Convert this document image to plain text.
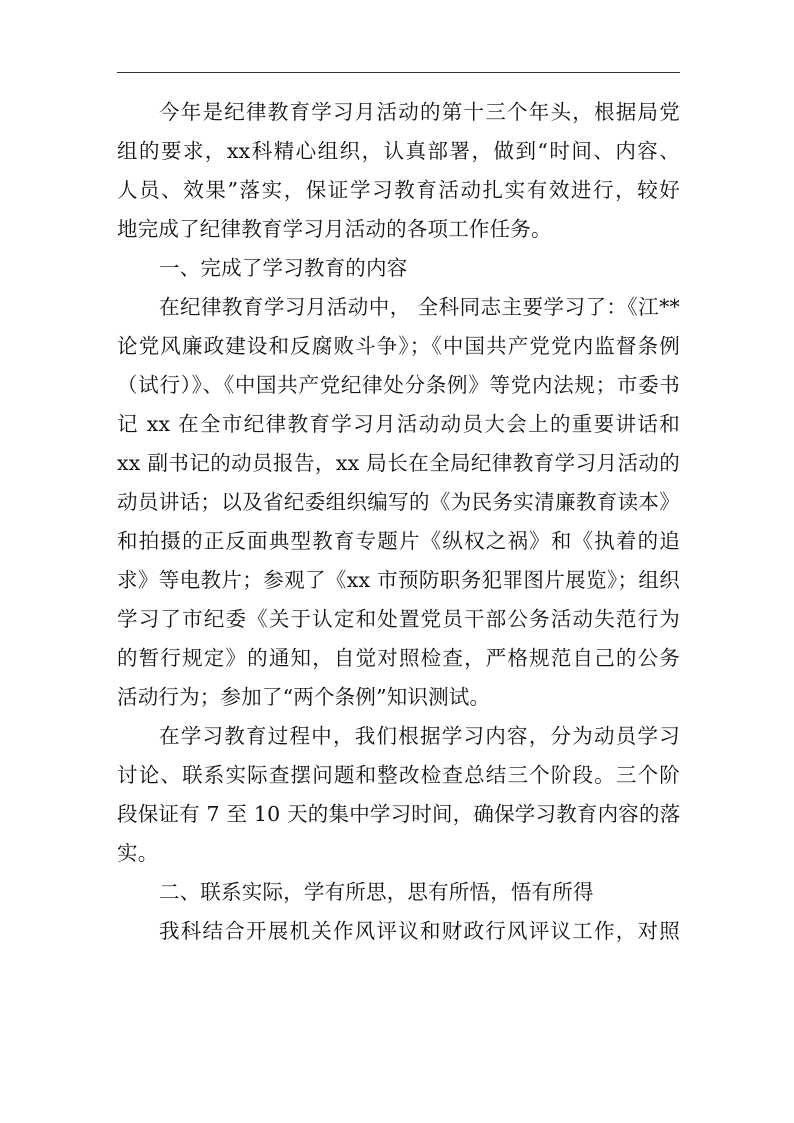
今年是纪律教育学习月活动的第十三个年头，根据局党
组的要求，xx科精心组织，认真部署，做到“时间、内容、
人员、效果”落实，保证学习教育活动扎实有效进行，较好
地完成了纪律教育学习月活动的各项工作任务。
一、完成了学习教育的内容
在纪律教育学习月活动中， 全科同志主要学习了：《江**
论党风廉政建设和反腐败斗争》；《中国共产党党内监督条例
（试行）》、《中国共产党纪律处分条例》等党内法规；市委书
记 xx 在全市纪律教育学习月活动动员大会上的重要讲话和
xx 副书记的动员报告，xx 局长在全局纪律教育学习月活动的
动员讲话；以及省纪委组织编写的《为民务实清廉教育读本》
和拍摄的正反面典型教育专题片《纵权之祸》和《执着的追
求》等电教片；参观了《xx 市预防职务犯罪图片展览》；组织
学习了市纪委《关于认定和处置党员干部公务活动失范行为
的暂行规定》的通知，自觉对照检查，严格规范自己的公务
活动行为；参加了“两个条例”知识测试。
在学习教育过程中，我们根据学习内容，分为动员学习
讨论、联系实际查摆问题和整改检查总结三个阶段。三个阶
段保证有 7 至 10 天的集中学习时间，确保学习教育内容的落
实。
二、联系实际，学有所思，思有所悟，悟有所得
我科结合开展机关作风评议和财政行风评议工作，对照
